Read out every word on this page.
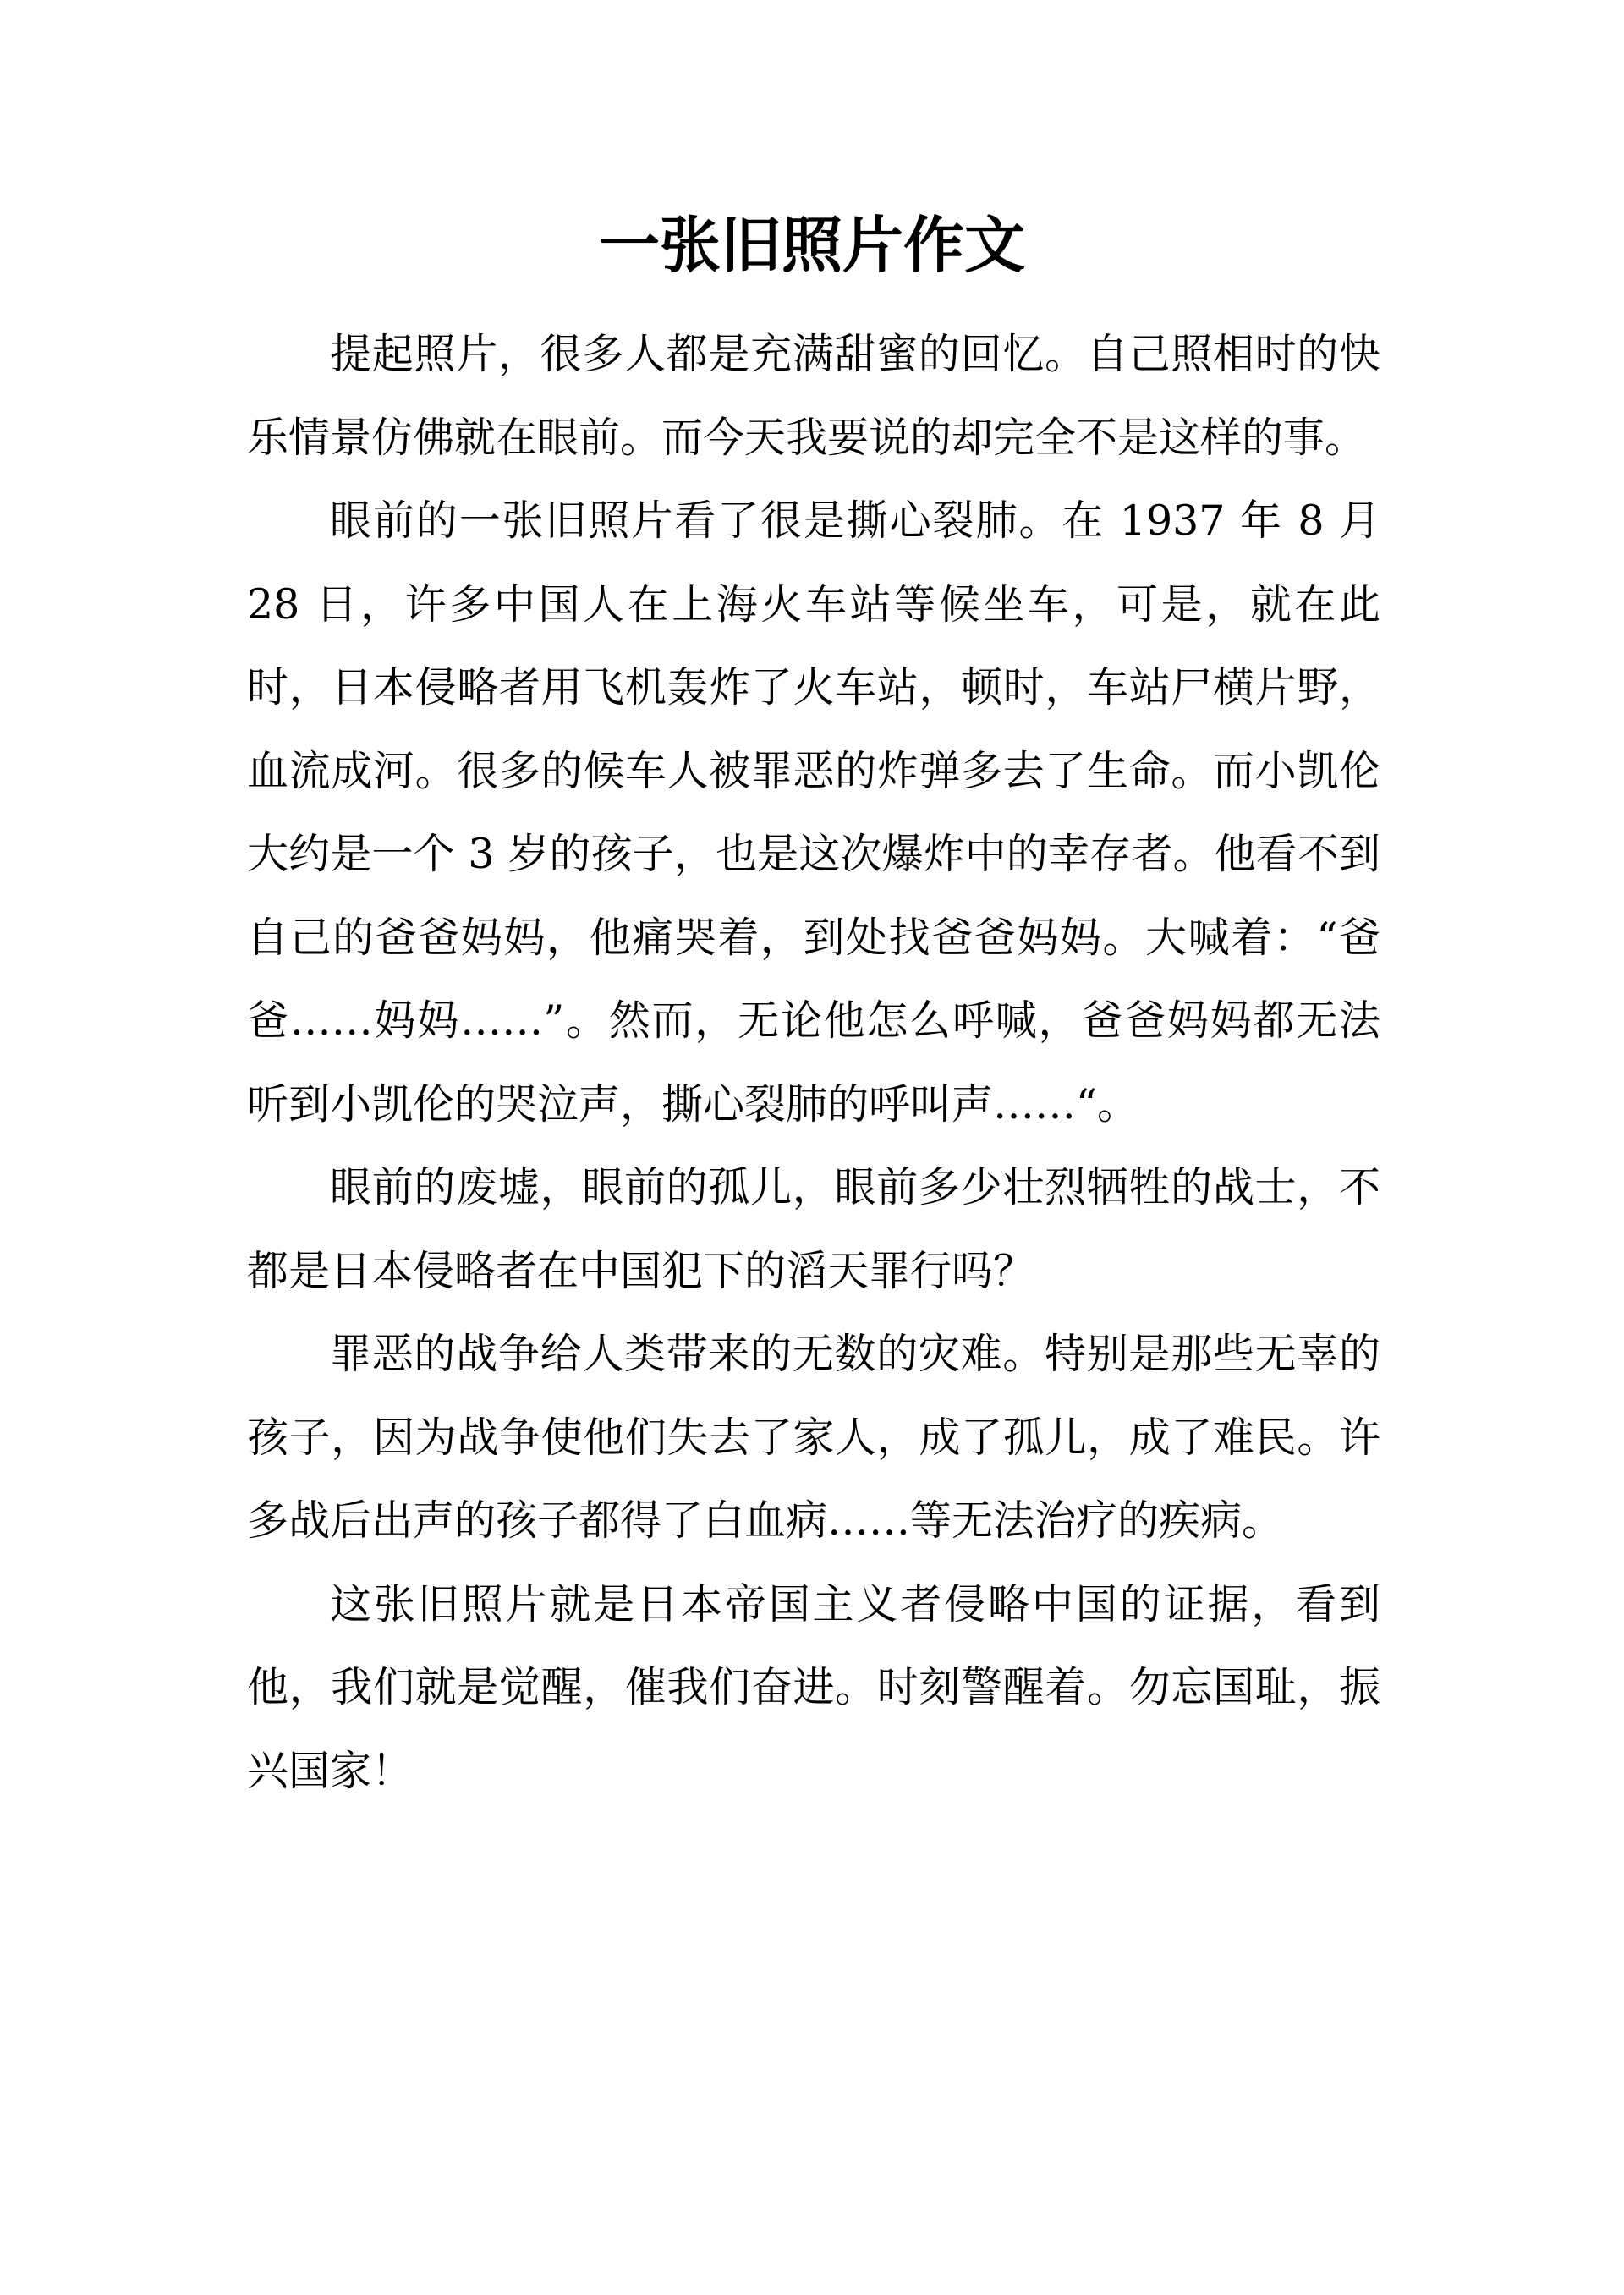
一张旧照片作文

提起照片，很多人都是充满甜蜜的回忆。自己照相时的快乐情景仿佛就在眼前。而今天我要说的却完全不是这样的事。

眼前的一张旧照片看了很是撕心裂肺。在 1937 年 8 月 28 日，许多中国人在上海火车站等候坐车，可是，就在此时，日本侵略者用飞机轰炸了火车站，顿时，车站尸横片野，血流成河。很多的候车人被罪恶的炸弹多去了生命。而小凯伦大约是一个 3 岁的孩子，也是这次爆炸中的幸存者。他看不到自己的爸爸妈妈，他痛哭着，到处找爸爸妈妈。大喊着：“爸爸……妈妈……”。然而，无论他怎么呼喊，爸爸妈妈都无法听到小凯伦的哭泣声，撕心裂肺的呼叫声……“。

眼前的废墟，眼前的孤儿，眼前多少壮烈牺牲的战士，不都是日本侵略者在中国犯下的滔天罪行吗？

罪恶的战争给人类带来的无数的灾难。特别是那些无辜的孩子，因为战争使他们失去了家人，成了孤儿，成了难民。许多战后出声的孩子都得了白血病……等无法治疗的疾病。

这张旧照片就是日本帝国主义者侵略中国的证据，看到他，我们就是觉醒，催我们奋进。时刻警醒着。勿忘国耻，振兴国家！
